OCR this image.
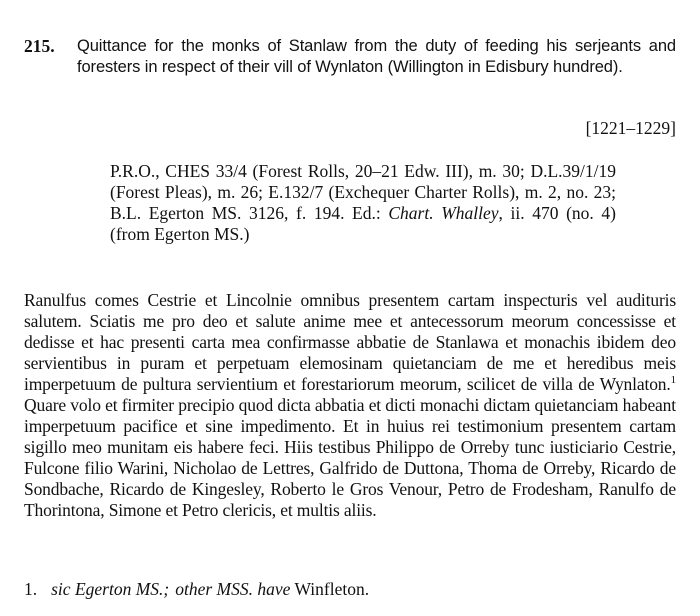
215. Quittance for the monks of Stanlaw from the duty of feeding his serjeants and foresters in respect of their vill of Wynlaton (Willington in Edisbury hundred).
[1221–1229]
P.R.O., CHES 33/4 (Forest Rolls, 20–21 Edw. III), m. 30; D.L.39/1/19 (Forest Pleas), m. 26; E.132/7 (Exchequer Charter Rolls), m. 2, no. 23; B.L. Egerton MS. 3126, f. 194. Ed.: Chart. Whalley, ii. 470 (no. 4) (from Egerton MS.)
Ranulfus comes Cestrie et Lincolnie omnibus presentem cartam inspecturis vel audituris salutem. Sciatis me pro deo et salute anime mee et antecessorum meorum concessisse et dedisse et hac presenti carta mea confirmasse abbatie de Stanlawa et monachis ibidem deo servientibus in puram et perpetuam elemosinam quietanciam de me et heredibus meis imperpetuum de pultura servientium et forestariorum meorum, scilicet de villa de Wynlaton.$^1$ Quare volo et firmiter precipio quod dicta abbatia et dicti monachi dictam quietanciam habeant imperpetuum pacifice et sine impedimento. Et in huius rei testimonium presentem cartam sigillo meo munitam eis habere feci. Hiis testibus Philippo de Orreby tunc iusticiario Cestrie, Fulcone filio Warini, Nicholao de Lettres, Galfrido de Duttona, Thoma de Orreby, Ricardo de Sondbache, Ricardo de Kingesley, Roberto le Gros Venour, Petro de Frodesham, Ranulfo de Thorintona, Simone et Petro clericis, et multis aliis.
1. sic Egerton MS.; other MSS. have Winfleton.
